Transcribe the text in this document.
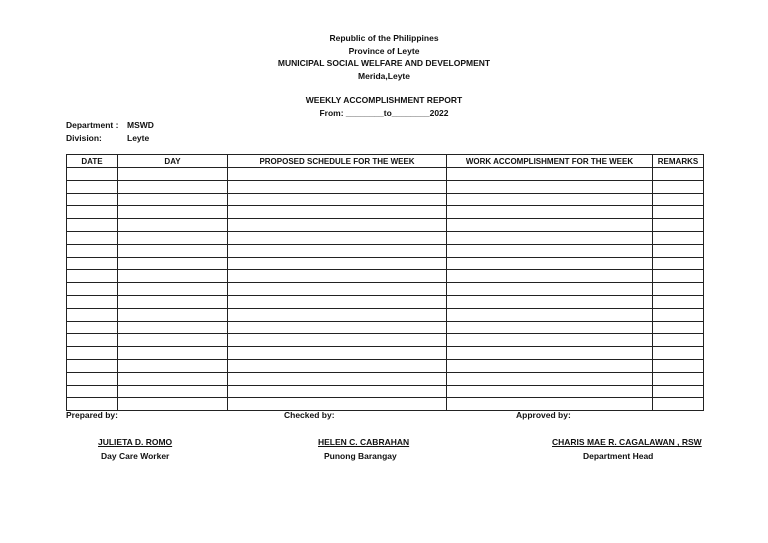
Republic of the Philippines
Province of Leyte
MUNICIPAL SOCIAL WELFARE AND DEVELOPMENT
Merida,Leyte
WEEKLY ACCOMPLISHMENT REPORT
From: ________to________2022
Department :	MSWD
Division:	Leyte
DATE	DAY	PROPOSED SCHEDULE FOR THE WEEK	WORK ACCOMPLISHMENT FOR THE WEEK	REMARKS

Prepared by:	Checked by:	Approved by:
JULIETA D. ROMO
Day Care Worker
HELEN C. CABRAHAN
Punong Barangay
CHARIS MAE R. CAGALAWAN , RSW
Department Head
